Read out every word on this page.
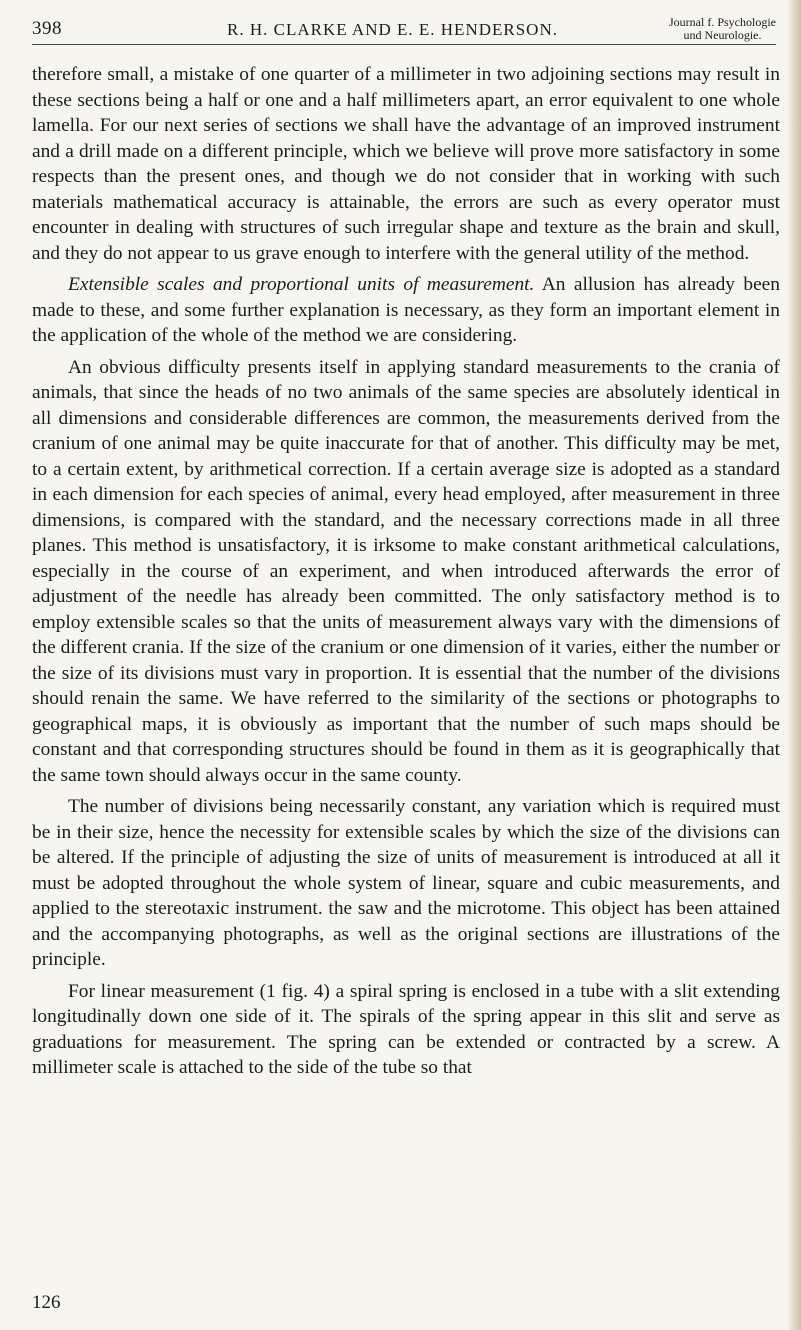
398	R. H. CLARKE AND E. E. HENDERSON.	Journal f. Psychologie
und Neurologie.

therefore small, a mistake of one quarter of a millimeter in two adjoining sections may result in these sections being a half or one and a half millimeters apart, an error equivalent to one whole lamella. For our next series of sections we shall have the advantage of an improved instrument and a drill made on a different principle, which we believe will prove more satisfactory in some respects than the present ones, and though we do not consider that in working with such materials mathematical accuracy is attainable, the errors are such as every operator must encounter in dealing with structures of such irregular shape and texture as the brain and skull, and they do not appear to us grave enough to interfere with the general utility of the method.

Extensible scales and proportional units of measurement. An allusion has already been made to these, and some further explanation is necessary, as they form an important element in the application of the whole of the method we are considering.

An obvious difficulty presents itself in applying standard measurements to the crania of animals, that since the heads of no two animals of the same species are absolutely identical in all dimensions and considerable differences are common, the measurements derived from the cranium of one animal may be quite inaccurate for that of another. This difficulty may be met, to a certain extent, by arithmetical correction. If a certain average size is adopted as a standard in each dimension for each species of animal, every head employed, after measurement in three dimensions, is compared with the standard, and the necessary corrections made in all three planes. This method is unsatisfactory, it is irksome to make constant arithmetical calculations, especially in the course of an experiment, and when introduced afterwards the error of adjustment of the needle has already been committed. The only satisfactory method is to employ extensible scales so that the units of measurement always vary with the dimensions of the different crania. If the size of the cranium or one dimension of it varies, either the number or the size of its divisions must vary in proportion. It is essential that the number of the divisions should renain the same. We have referred to the similarity of the sections or photographs to geographical maps, it is obviously as important that the number of such maps should be constant and that corresponding structures should be found in them as it is geographically that the same town should always occur in the same county.

The number of divisions being necessarily constant, any variation which is required must be in their size, hence the necessity for extensible scales by which the size of the divisions can be altered. If the principle of adjusting the size of units of measurement is introduced at all it must be adopted throughout the whole system of linear, square and cubic measurements, and applied to the stereotaxic instrument. the saw and the microtome. This object has been attained and the accompanying photographs, as well as the original sections are illustrations of the principle.

For linear measurement (1 fig. 4) a spiral spring is enclosed in a tube with a slit extending longitudinally down one side of it. The spirals of the spring appear in this slit and serve as graduations for measurement. The spring can be extended or contracted by a screw. A millimeter scale is attached to the side of the tube so that

126
